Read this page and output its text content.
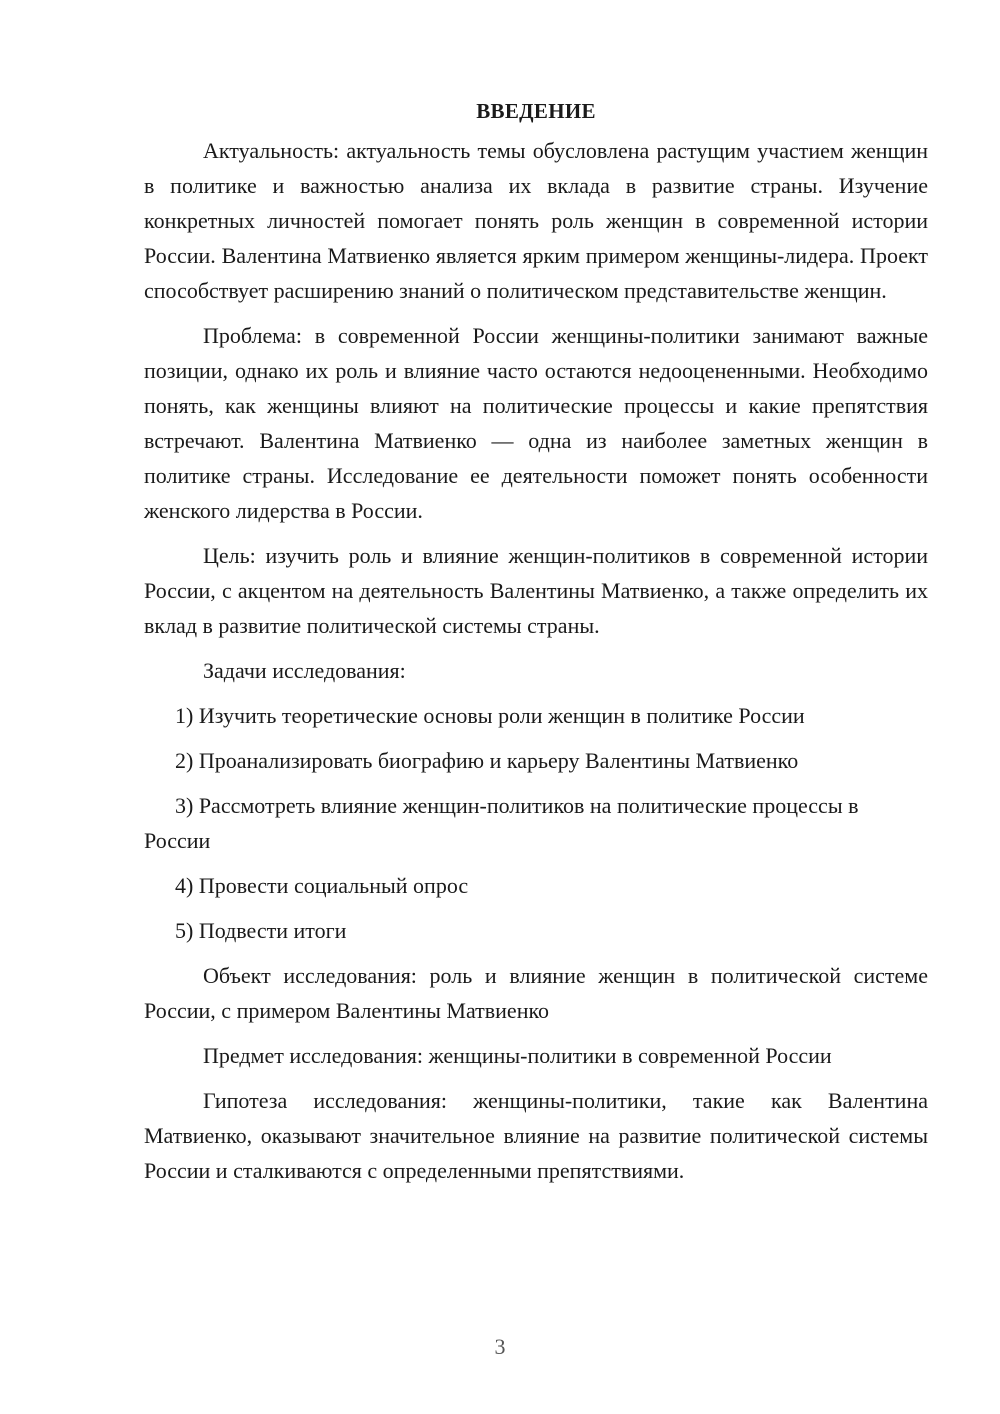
ВВЕДЕНИЕ

Актуальность: актуальность темы обусловлена растущим участием женщин в политике и важностью анализа их вклада в развитие страны. Изучение конкретных личностей помогает понять роль женщин в современной истории России. Валентина Матвиенко является ярким примером женщины-лидера. Проект способствует расширению знаний о политическом представительстве женщин.

Проблема: в современной России женщины-политики занимают важные позиции, однако их роль и влияние часто остаются недооцененными. Необходимо понять, как женщины влияют на политические процессы и какие препятствия встречают. Валентина Матвиенко — одна из наиболее заметных женщин в политике страны. Исследование ее деятельности поможет понять особенности женского лидерства в России.

Цель: изучить роль и влияние женщин-политиков в современной истории России, с акцентом на деятельность Валентины Матвиенко, а также определить их вклад в развитие политической системы страны.

Задачи исследования:

1) Изучить теоретические основы роли женщин в политике России

2) Проанализировать биографию и карьеру Валентины Матвиенко

3) Рассмотреть влияние женщин-политиков на политические процессы в России

4) Провести социальный опрос

5) Подвести итоги

Объект исследования: роль и влияние женщин в политической системе России, с примером Валентины Матвиенко

Предмет исследования: женщины-политики в современной России

Гипотеза исследования: женщины-политики, такие как Валентина Матвиенко, оказывают значительное влияние на развитие политической системы России и сталкиваются с определенными препятствиями.

3
